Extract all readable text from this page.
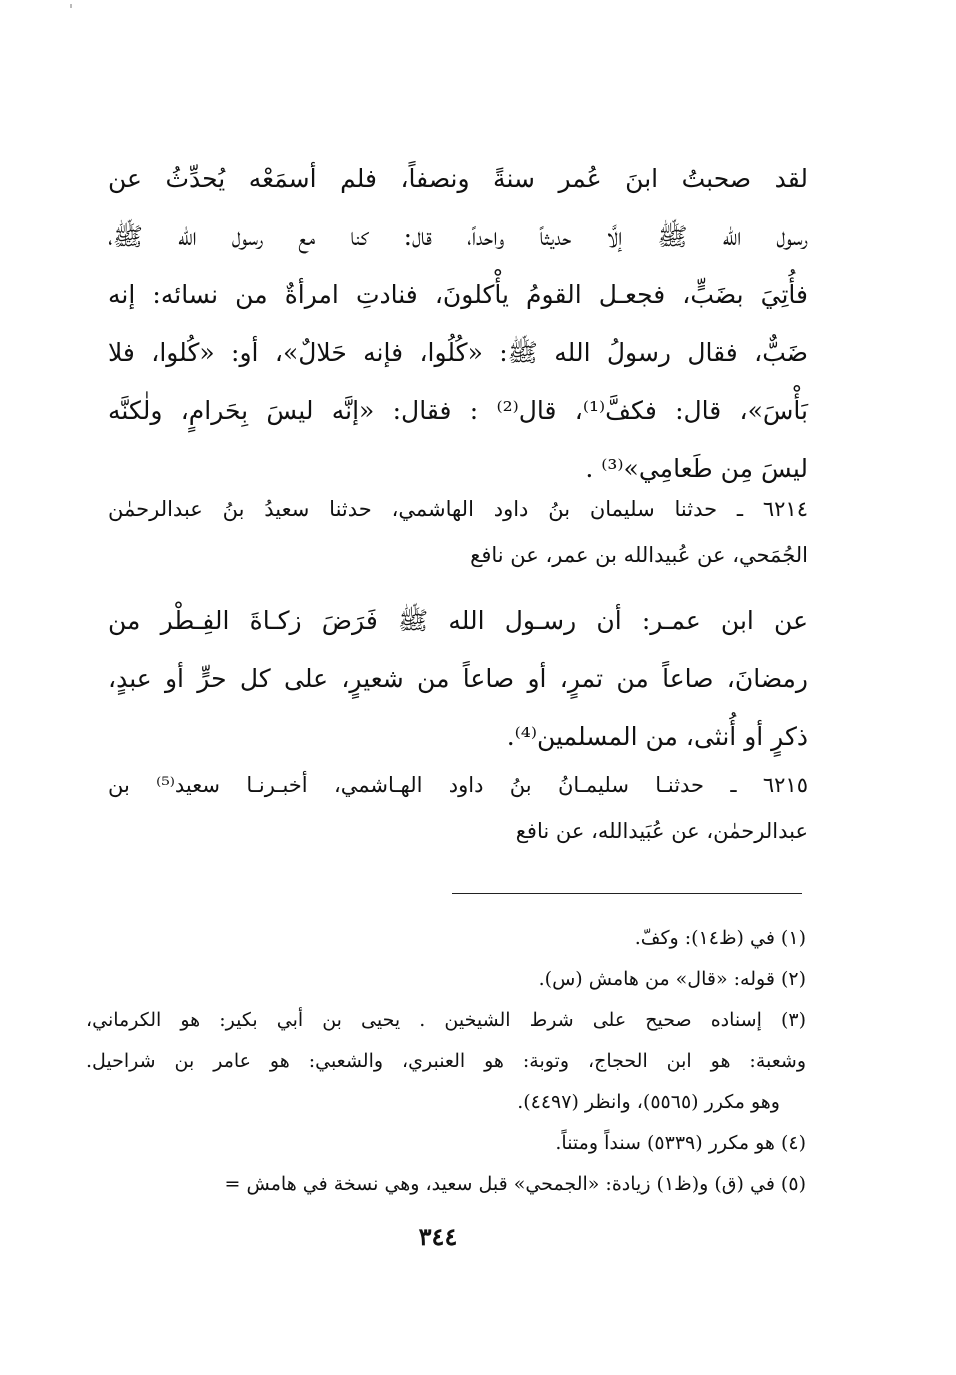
لقد صحبتُ ابنَ عُمر سنةً ونصفاً، فلم أسمَعْه يُحدِّثُ عن
رسول الله ﷺ إلَّا حديثاً واحداً، قال: كنا مع رسول الله ﷺ،
فأُتِيَ بضَبٍّ، فجعـل القومُ يأْكلونَ، فنادتِ امرأةٌ من نسائه: إنه
ضَبٌّ، فقال رسولُ الله ﷺ: «كُلُوا، فإنه حَلالٌ»، أو: «كُلوا، فلا
بَأْسَ»، قال: فكفَّ⁽¹⁾، قال⁽²⁾ : فقال: «إنَّه ليسَ بِحَرامٍ، ولٰكنَّه
ليسَ مِن طَعامِي»⁽³⁾ .
٦٢١٤ ـ حدثنا سليمان بنُ داود الهاشمي، حدثنا سعيدُ بنُ عبدالرحمٰن
الجُمَحي، عن عُبيدالله بن عمر، عن نافع
عن ابن عمـر: أن رسـول الله ﷺ فَرَضَ زكـاةَ الفِـطْر من
رمضانَ، صاعاً من تمرٍ، أو صاعاً من شعيرٍ، على كل حرٍّ أو عبدٍ،
ذكرٍ أو أُنثى، من المسلمين⁽⁴⁾.
٦٢١٥ ـ حدثنـا سليمـانُ بنُ داود الهـاشمي، أخبـرنـا سعيد⁽⁵⁾ بن
عبدالرحمٰن، عن عُبَيدالله، عن نافع
(١) في (ظ١٤): وكفّ.
(٢) قوله: «قال» من هامش (س).
(٣) إسناده صحيح على شرط الشيخين . يحيى بن أبي بكير: هو الكرماني،
وشعبة: هو ابن الحجاج، وتوبة: هو العنبري، والشعبي: هو عامر بن شراحيل.
وهو مكرر (٥٥٦٥)، وانظر (٤٤٩٧).
(٤) هو مكرر (٥٣٣٩) سنداً ومتناً.
(٥) في (ق) و(ظ١) زيادة: «الجمحي» قبل سعيد، وهي نسخة في هامش =
٣٤٤
